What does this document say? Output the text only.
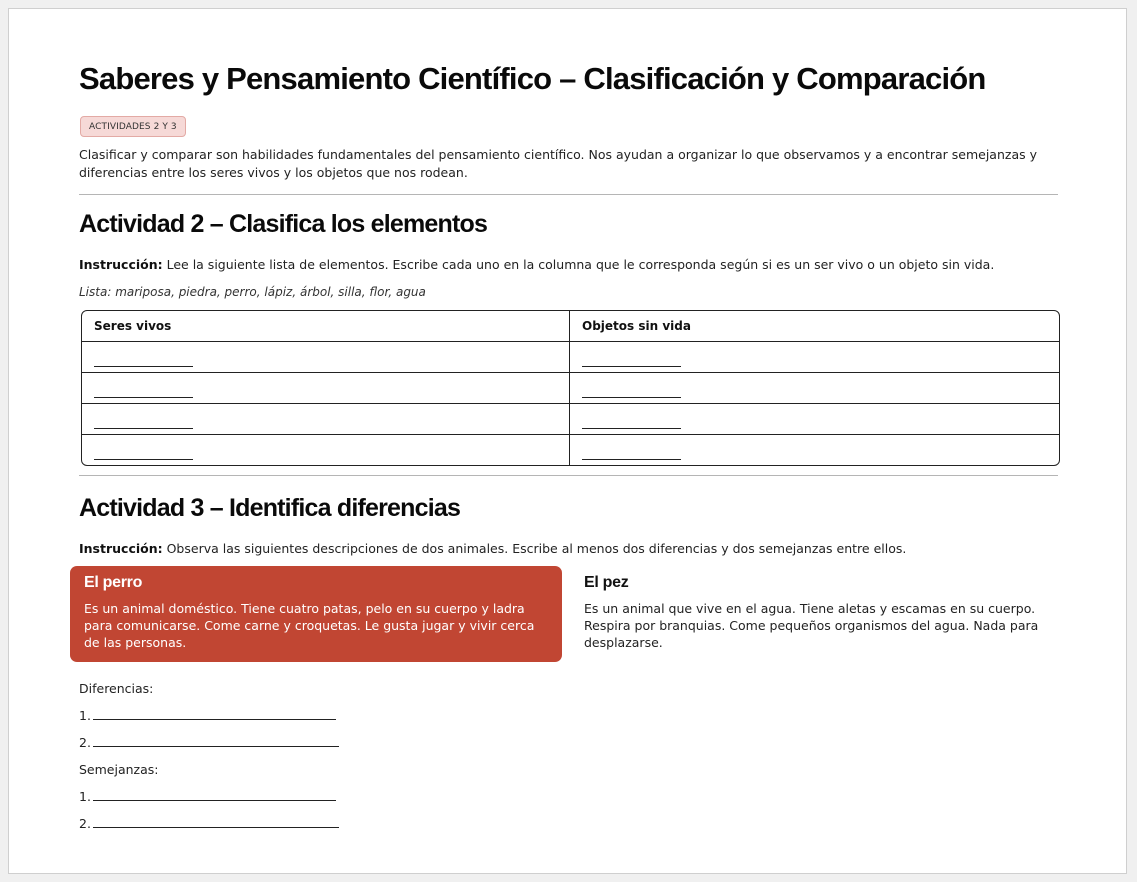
Saberes y Pensamiento Científico – Clasificación y Comparación
ACTIVIDADES 2 Y 3

Clasificar y comparar son habilidades fundamentales del pensamiento científico. Nos ayudan a organizar lo que observamos y a encontrar semejanzas y diferencias entre los seres vivos y los objetos que nos rodean.

Actividad 2 – Clasifica los elementos

Instrucción: Lee la siguiente lista de elementos. Escribe cada uno en la columna que le corresponda según si es un ser vivo o un objeto sin vida.

Lista: mariposa, piedra, perro, lápiz, árbol, silla, flor, agua

Seres vivos	Objetos sin vida

Actividad 3 – Identifica diferencias

Instrucción: Observa las siguientes descripciones de dos animales. Escribe al menos dos diferencias y dos semejanzas entre ellos.

El perro

Es un animal doméstico. Tiene cuatro patas, pelo en su cuerpo y ladra para comunicarse. Come carne y croquetas. Le gusta jugar y vivir cerca de las personas.

El pez

Es un animal que vive en el agua. Tiene aletas y escamas en su cuerpo. Respira por branquias. Come pequeños organismos del agua. Nada para desplazarse.

Diferencias:
1.
2.
Semejanzas:
1.
2.
